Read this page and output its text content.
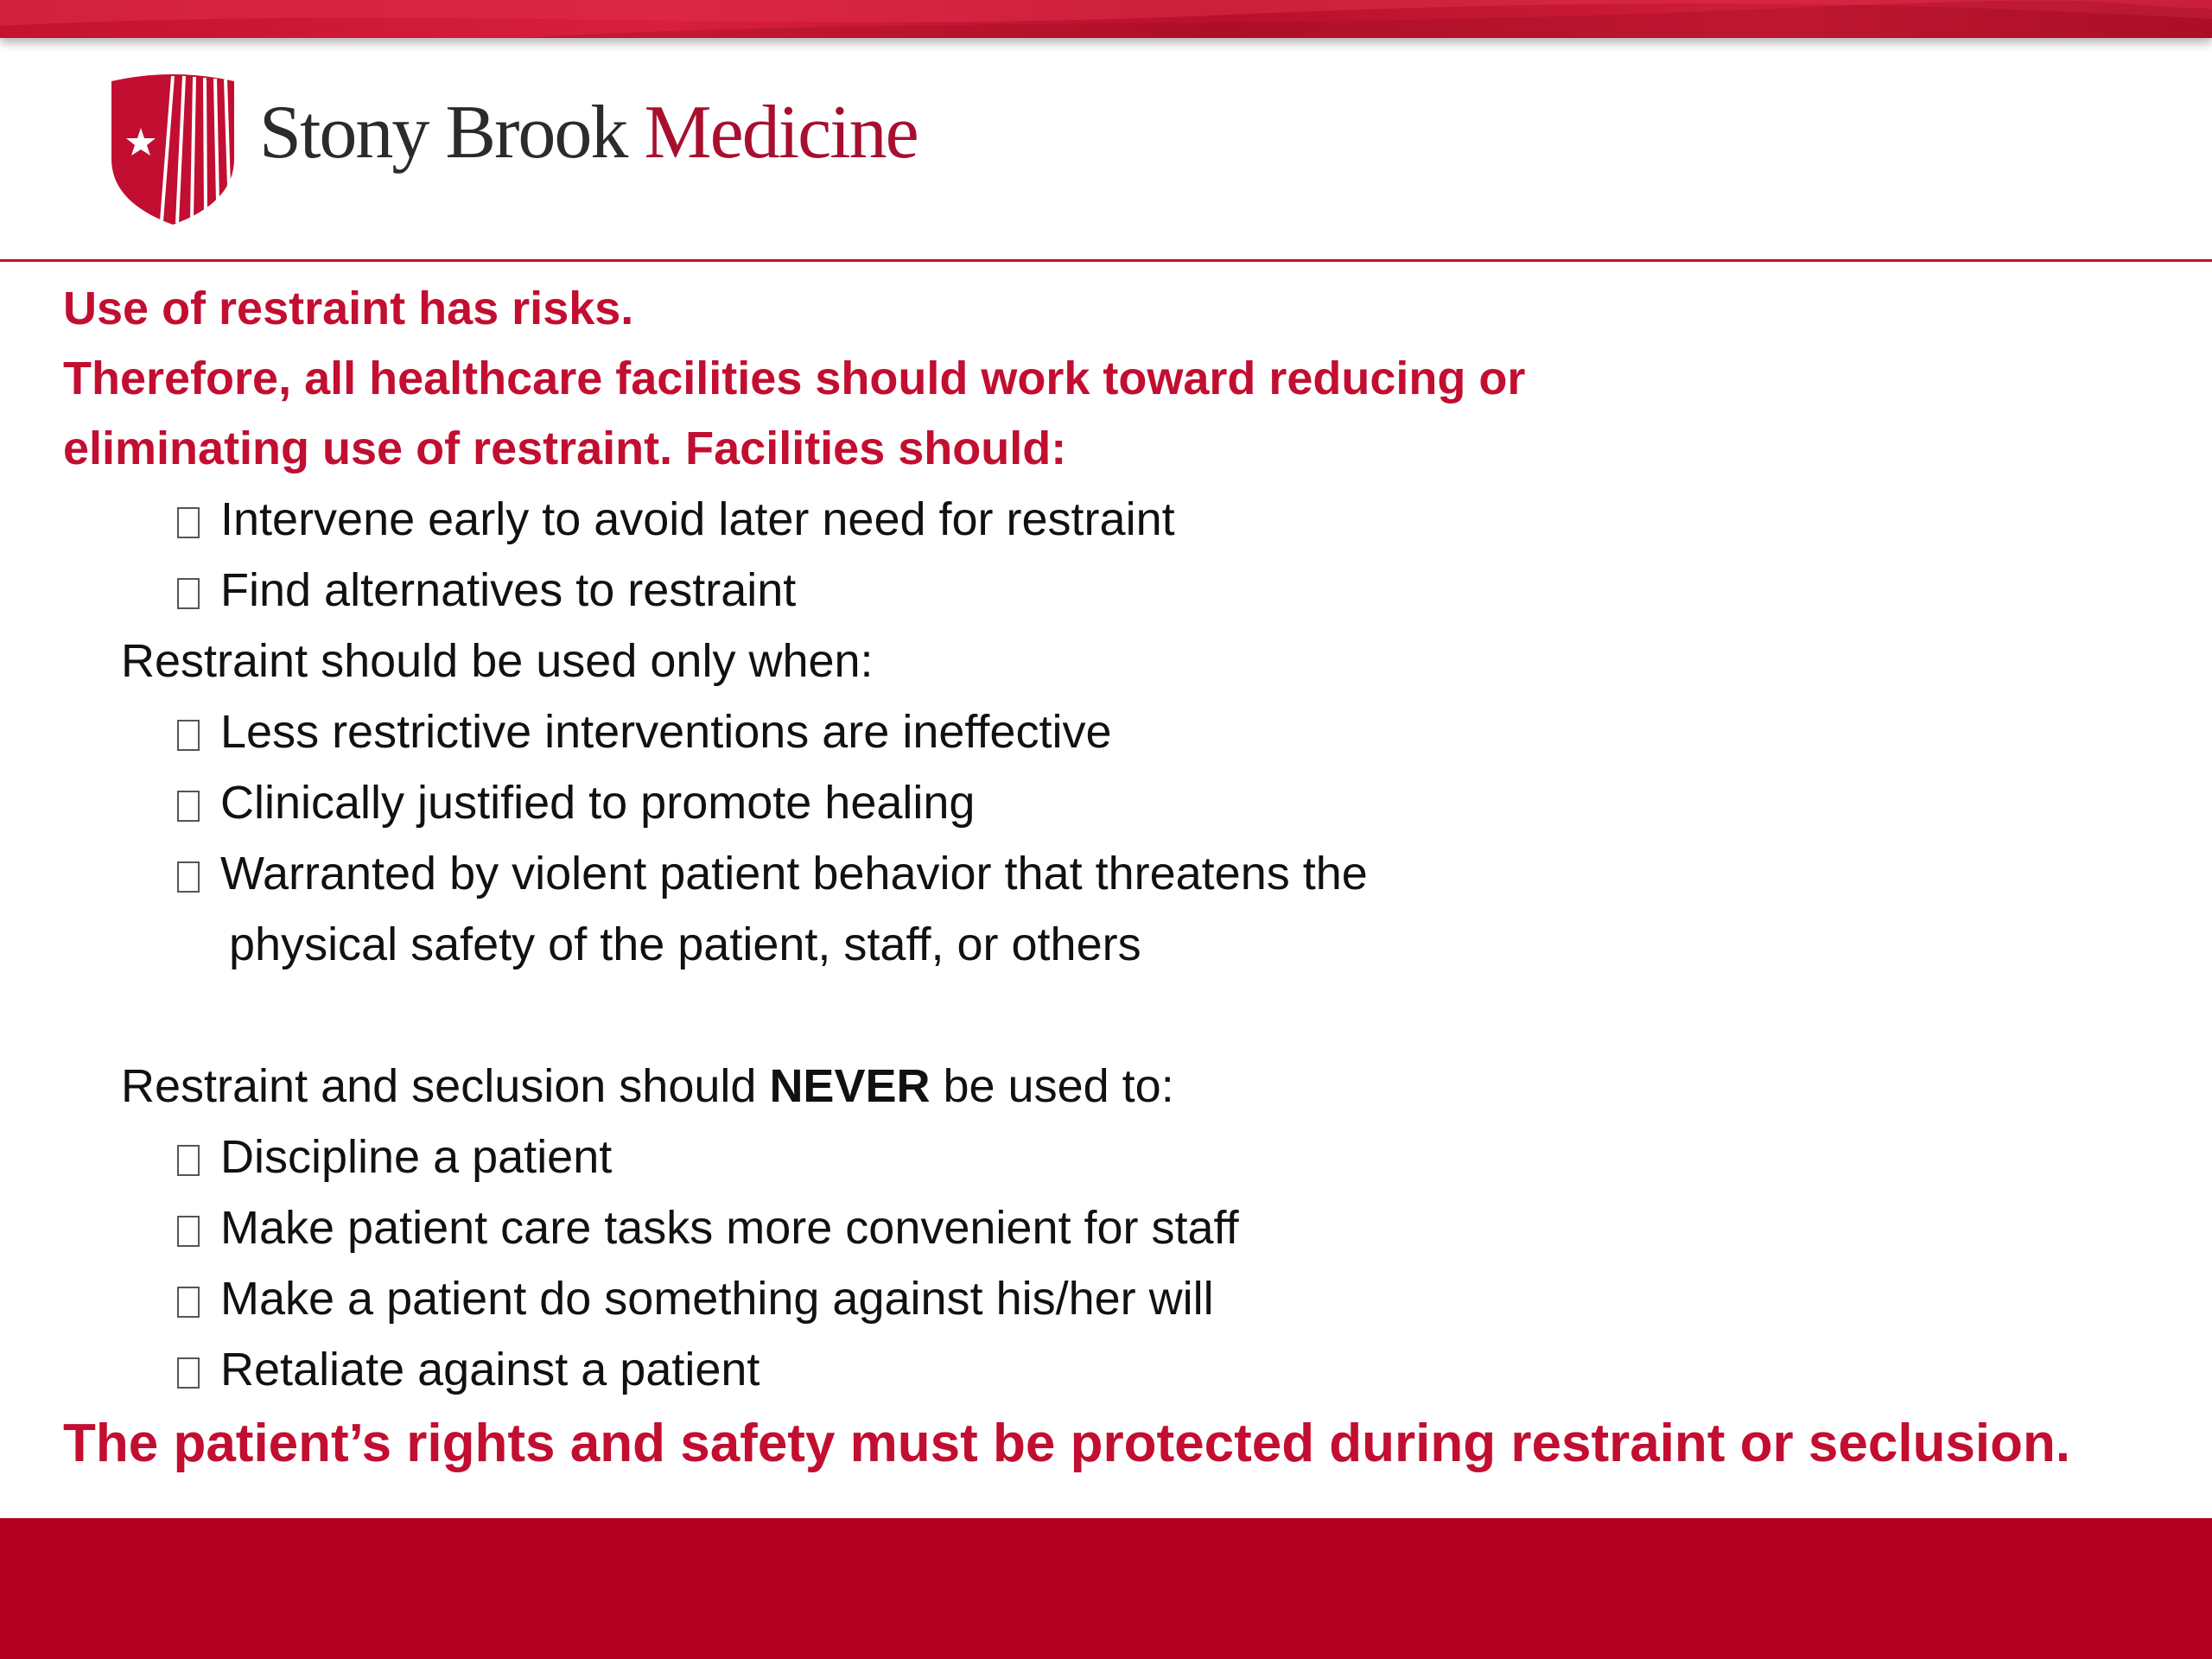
Stony Brook Medicine
Use of restraint has risks.
Therefore, all healthcare facilities should work toward reducing or
eliminating use of restraint. Facilities should:
Intervene early to avoid later need for restraint
Find alternatives to restraint
Restraint should be used only when:
Less restrictive interventions are ineffective
Clinically justified to promote healing
Warranted by violent patient behavior that threatens the
physical safety of the patient, staff, or others
Restraint and seclusion should NEVER be used to:
Discipline a patient
Make patient care tasks more convenient for staff
Make a patient do something against his/her will
Retaliate against a patient
The patient’s rights and safety must be protected during restraint or seclusion.
